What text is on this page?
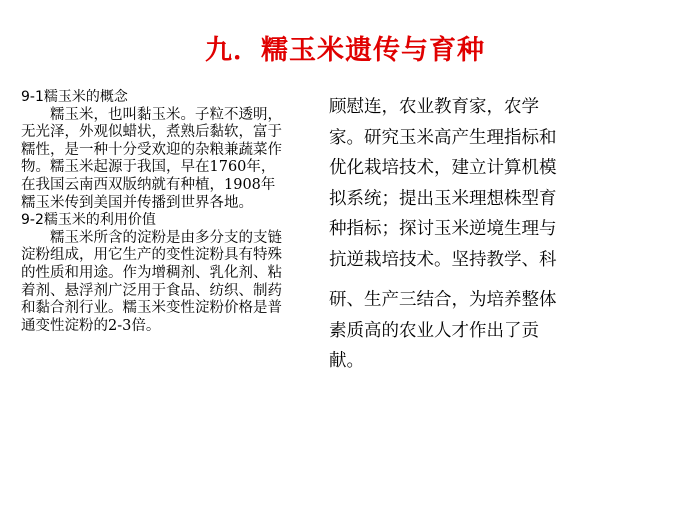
九．糯玉米遗传与育种

9-1糯玉米的概念

糯玉米，也叫黏玉米。子粒不透明，无光泽，外观似蜡状，煮熟后黏软，富于糯性，是一种十分受欢迎的杂粮兼蔬菜作物。糯玉米起源于我国，早在1760年，在我国云南西双版纳就有种植，1908年糯玉米传到美国并传播到世界各地。

9-2糯玉米的利用价值

糯玉米所含的淀粉是由多分支的支链淀粉组成，用它生产的变性淀粉具有特殊的性质和用途。作为增稠剂、乳化剂、粘着剂、悬浮剂广泛用于食品、纺织、制药和黏合剂行业。糯玉米变性淀粉价格是普通变性淀粉的2-3倍。

顾慰连，农业教育家，农学
家。研究玉米高产生理指标和
优化栽培技术，建立计算机模
拟系统；提出玉米理想株型育
种指标；探讨玉米逆境生理与
抗逆栽培技术。坚持教学、科
研、生产三结合，为培养整体
素质高的农业人才作出了贡
献。
